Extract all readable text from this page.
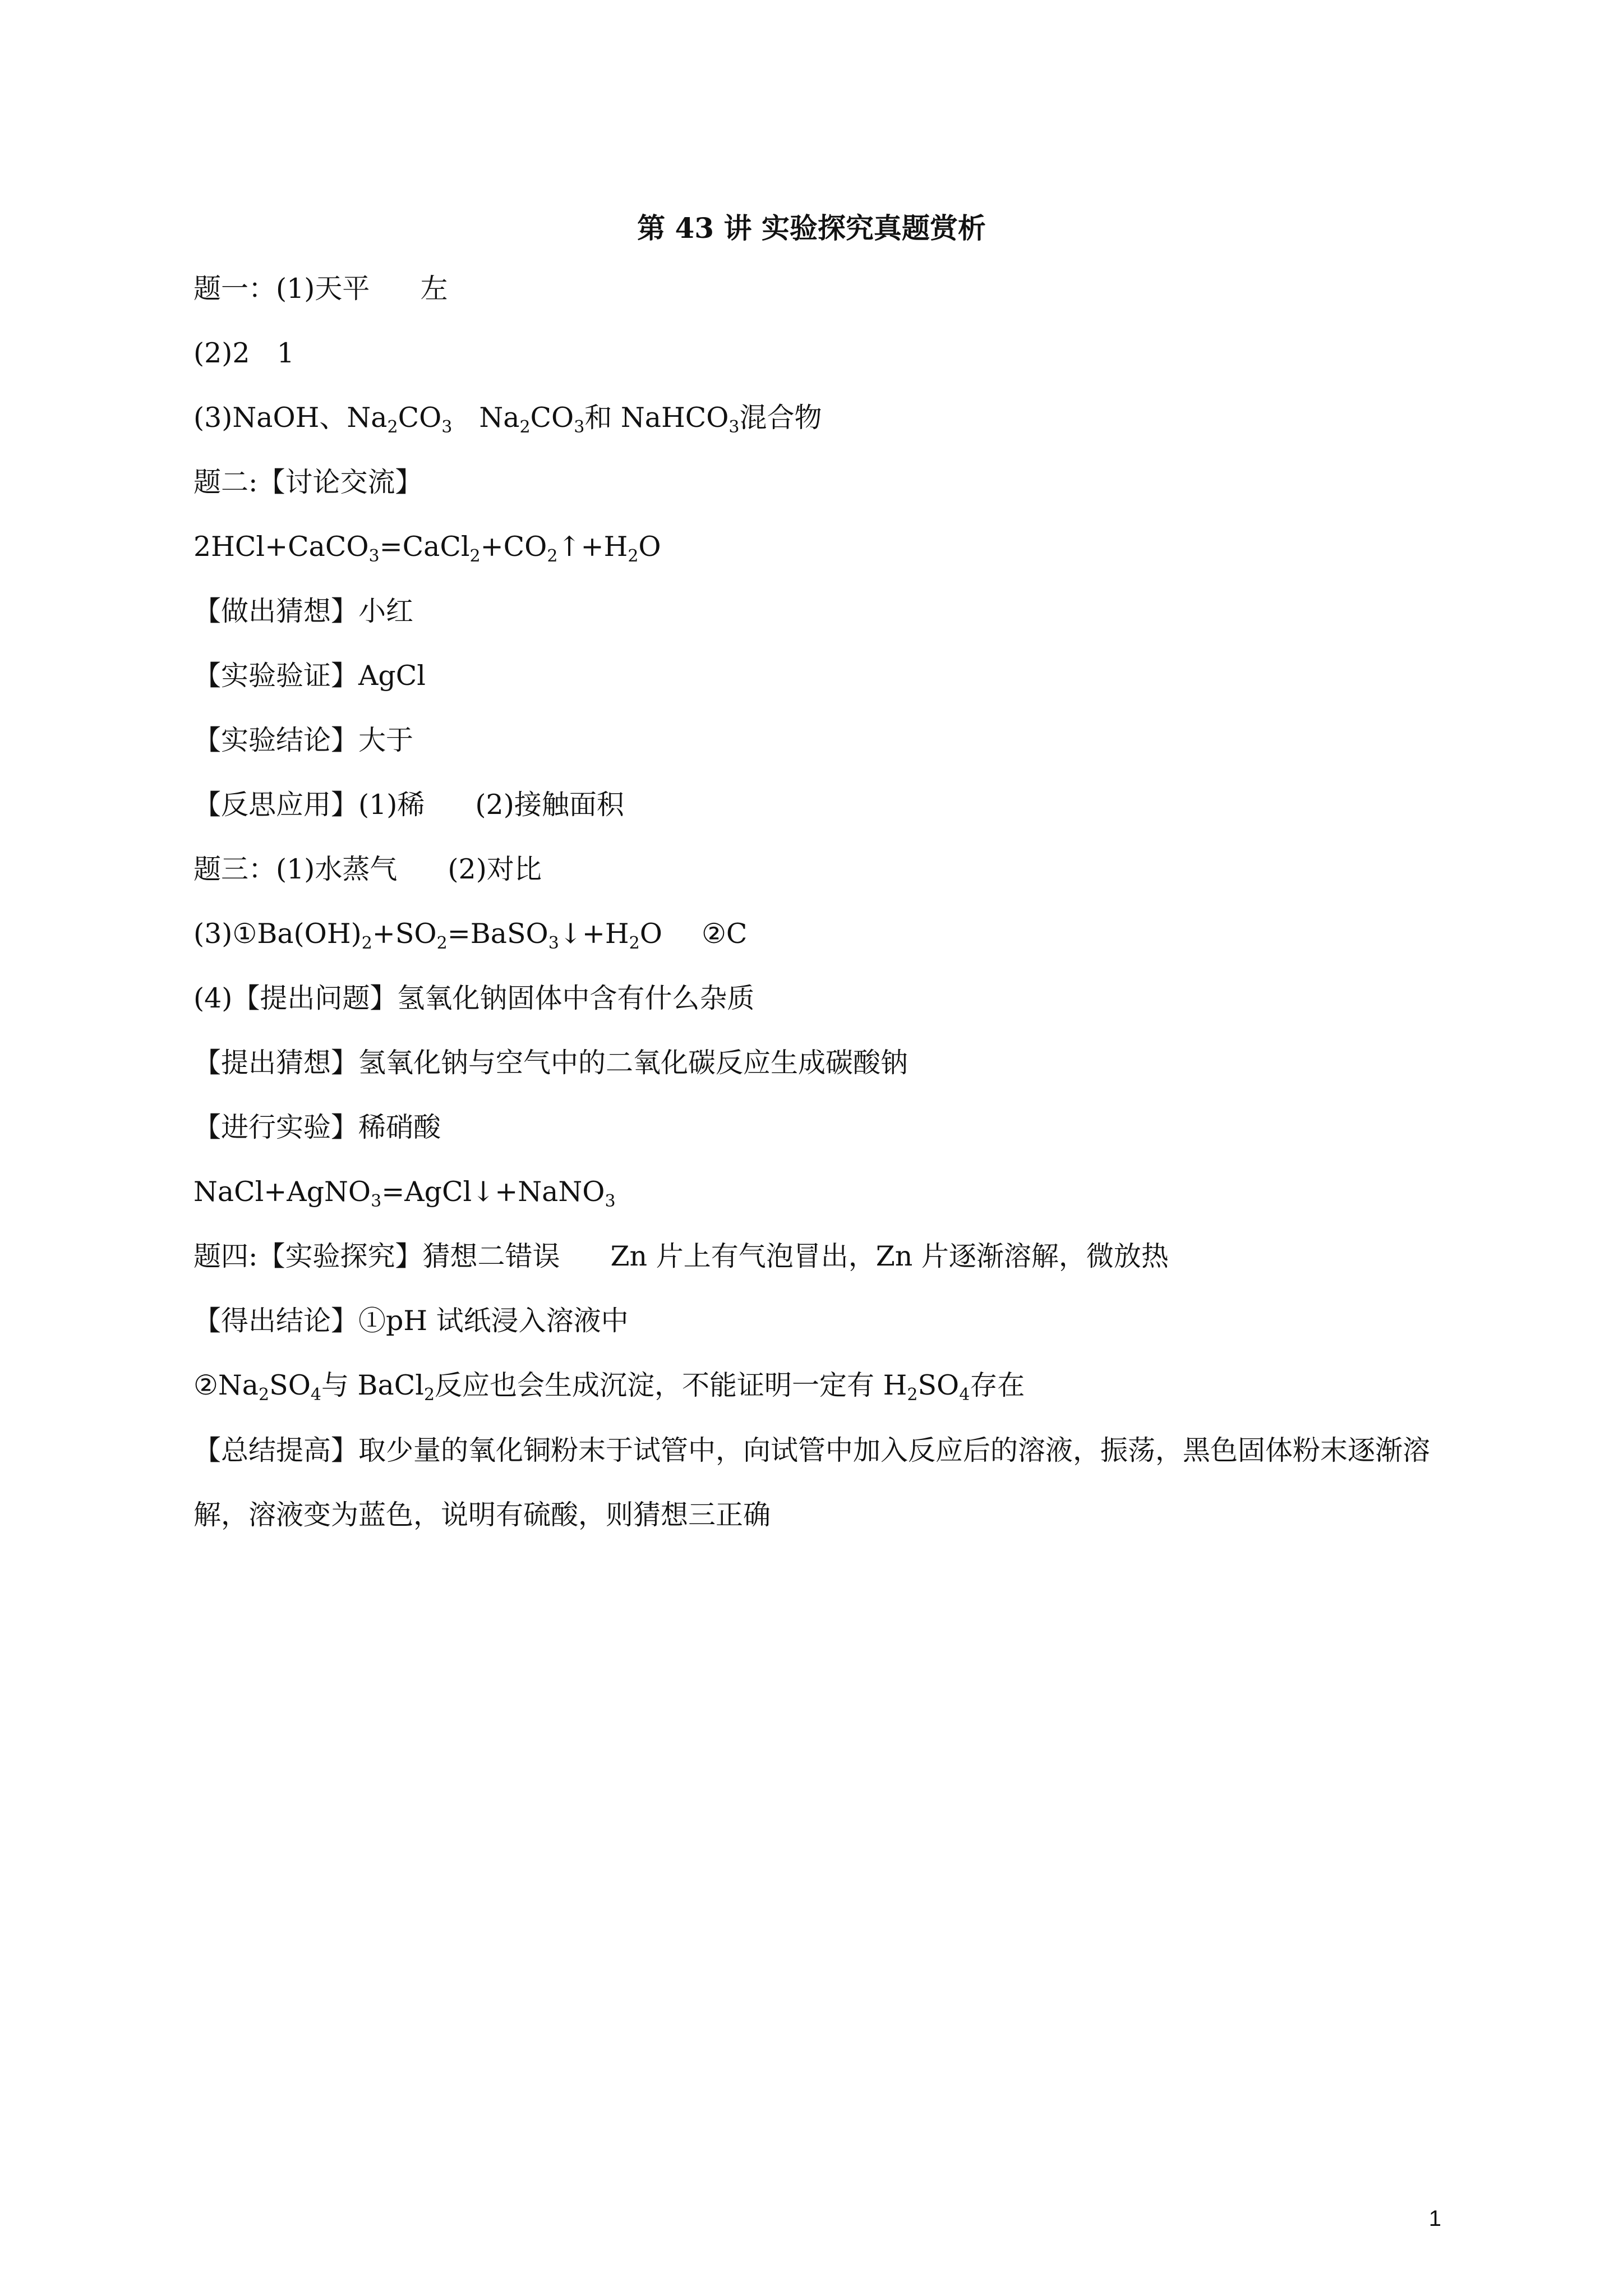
第 43 讲 实验探究真题赏析
题一：(1)天平 左
(2)2 1
(3)NaOH、$Na_2CO_3$ $Na_2CO_3$和 NaHCO$_3$混合物
题二:【讨论交流】
$2HCl+CaCO_3=CaCl_2+CO_2↑+H_2O$
【做出猜想】小红
【实验验证】AgCl
【实验结论】大于
【反思应用】(1)稀 (2)接触面积
题三：(1)水蒸气 (2)对比
$(3)①Ba(OH)_2+SO_2=BaSO_3↓+H_2O$ ②C
(4)【提出问题】氢氧化钠固体中含有什么杂质
【提出猜想】氢氧化钠与空气中的二氧化碳反应生成碳酸钠
【进行实验】稀硝酸
NaCl+AgNO$_3$=AgCl↓+NaNO$_3$
题四:【实验探究】猜想二错误 Zn 片上有气泡冒出，Zn 片逐渐溶解，微放热
【得出结论】①pH 试纸浸入溶液中
$②Na_2SO_4$与 BaCl$_2$反应也会生成沉淀，不能证明一定有 $H_2SO_4$存在
【总结提高】取少量的氧化铜粉末于试管中，向试管中加入反应后的溶液，振荡，黑色固体粉末逐渐溶解，溶液变为蓝色，说明有硫酸，则猜想三正确
1
